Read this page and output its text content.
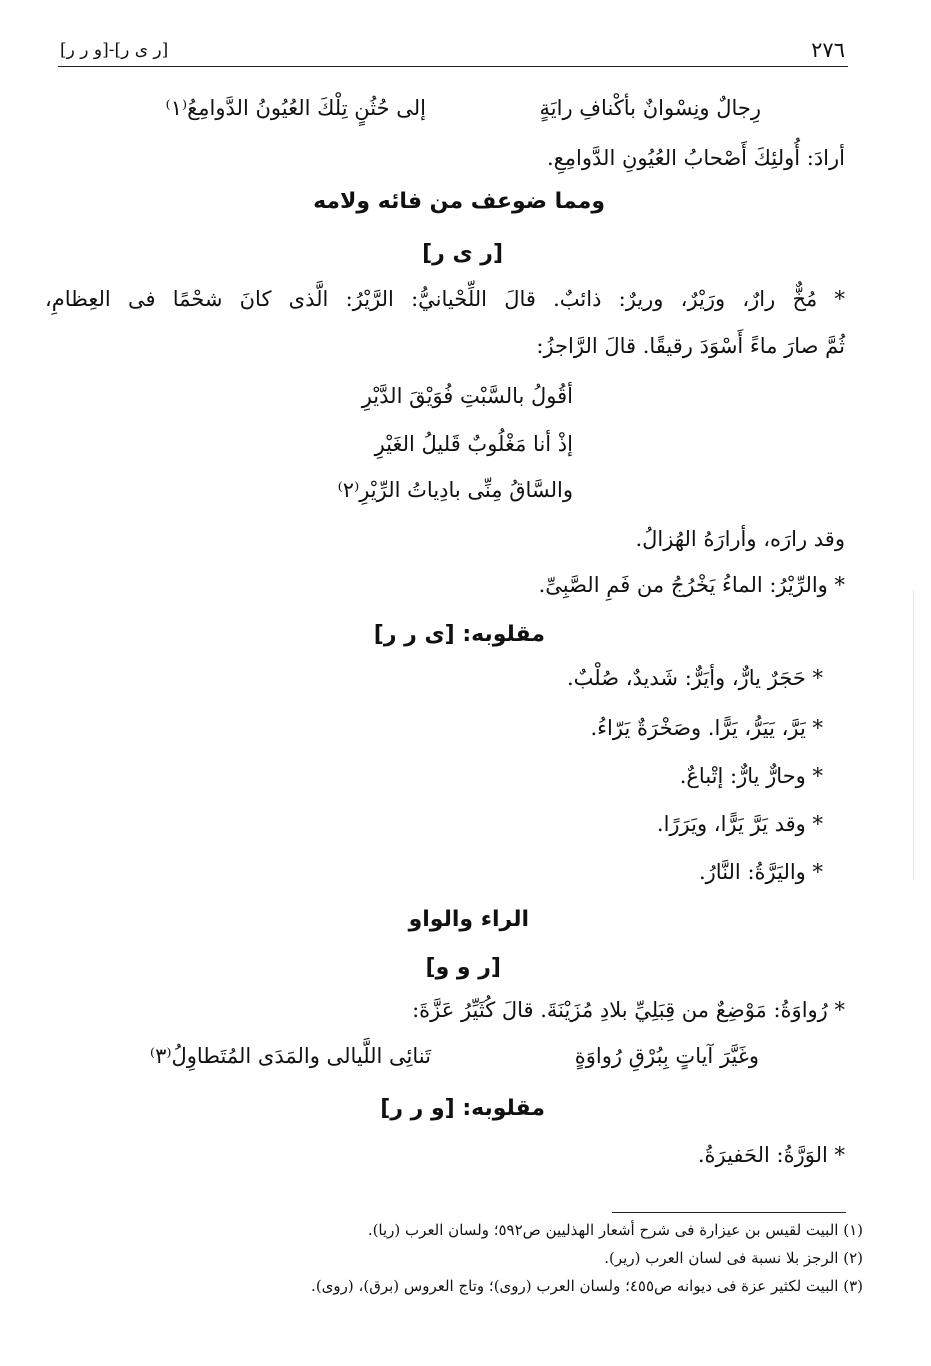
٢٧٦
[ر ى ر]-[و ر ر]
رِجالٌ ونِسْوانٌ بأكْنافِ رايَةٍ
إلى حُثُنٍ تِلْكَ العُيُونُ الدَّوامِعُ⁽١⁾
أرادَ: أُولئِكَ أَصْحابُ العُيُونِ الدَّوامِعِ.
ومما ضوعف من فائه ولامه
[ر ى ر]
* مُخٌّ رارٌ، ورَيْرٌ، وريرٌ: ذائبٌ. قالَ اللِّحْيانيُّ: الرَّيْرُ: الَّذى كانَ شحْمًا فى العِظامِ،
ثُمَّ صارَ ماءً أَسْوَدَ رقيقًا. قالَ الرَّاجزُ:
أقُولُ بالسَّبْتِ فُوَيْقَ الدَّيْرِ
إذْ أنا مَغْلُوبٌ قَليلُ الغَيْرِ
والسَّاقُ مِنِّى بادِياتُ الرِّيْرِ⁽٢⁾
وقد رارَه، وأرارَهُ الهُزالُ.
* والرِّيْرُ: الماءُ يَخْرُجُ من فَمِ الصَّبِىِّ.
مقلوبه: [ى ر ر]
* حَجَرٌ يارٌّ، وأيَرٌّ: شَديدٌ، صُلْبٌ.
* يَرَّ، يَيَرُّ، يَرًّا. وصَخْرَةٌ يَرّاءُ.
* وحارٌّ يارٌّ: إتْباعٌ.
* وقد يَرَّ يَرًّا، ويَرَرًا.
* واليَرَّةُ: النَّارُ.
الراء والواو
[ر و و]
* رُواوَةُ: مَوْضِعٌ من قِبَلِيِّ بلادِ مُزَيْنَةَ. قالَ كُثَيِّرُ عَزَّةَ:
وغَيَّرَ آياتٍ بِبُرْقِ رُواوَةٍ
تَنائِى اللَّيالى والمَدَى المُتَطاوِلُ⁽٣⁾
مقلوبه: [و ر ر]
* الوَرَّةُ: الحَفيرَةُ.
(١) البيت لقيس بن عيزارة فى شرح أشعار الهذليين ص٥٩٢؛ ولسان العرب (ريا).
(٢) الرجز بلا نسبة فى لسان العرب (رير).
(٣) البيت لكثير عزة فى ديوانه ص٤٥٥؛ ولسان العرب (روى)؛ وتاج العروس (برق)، (روى).
